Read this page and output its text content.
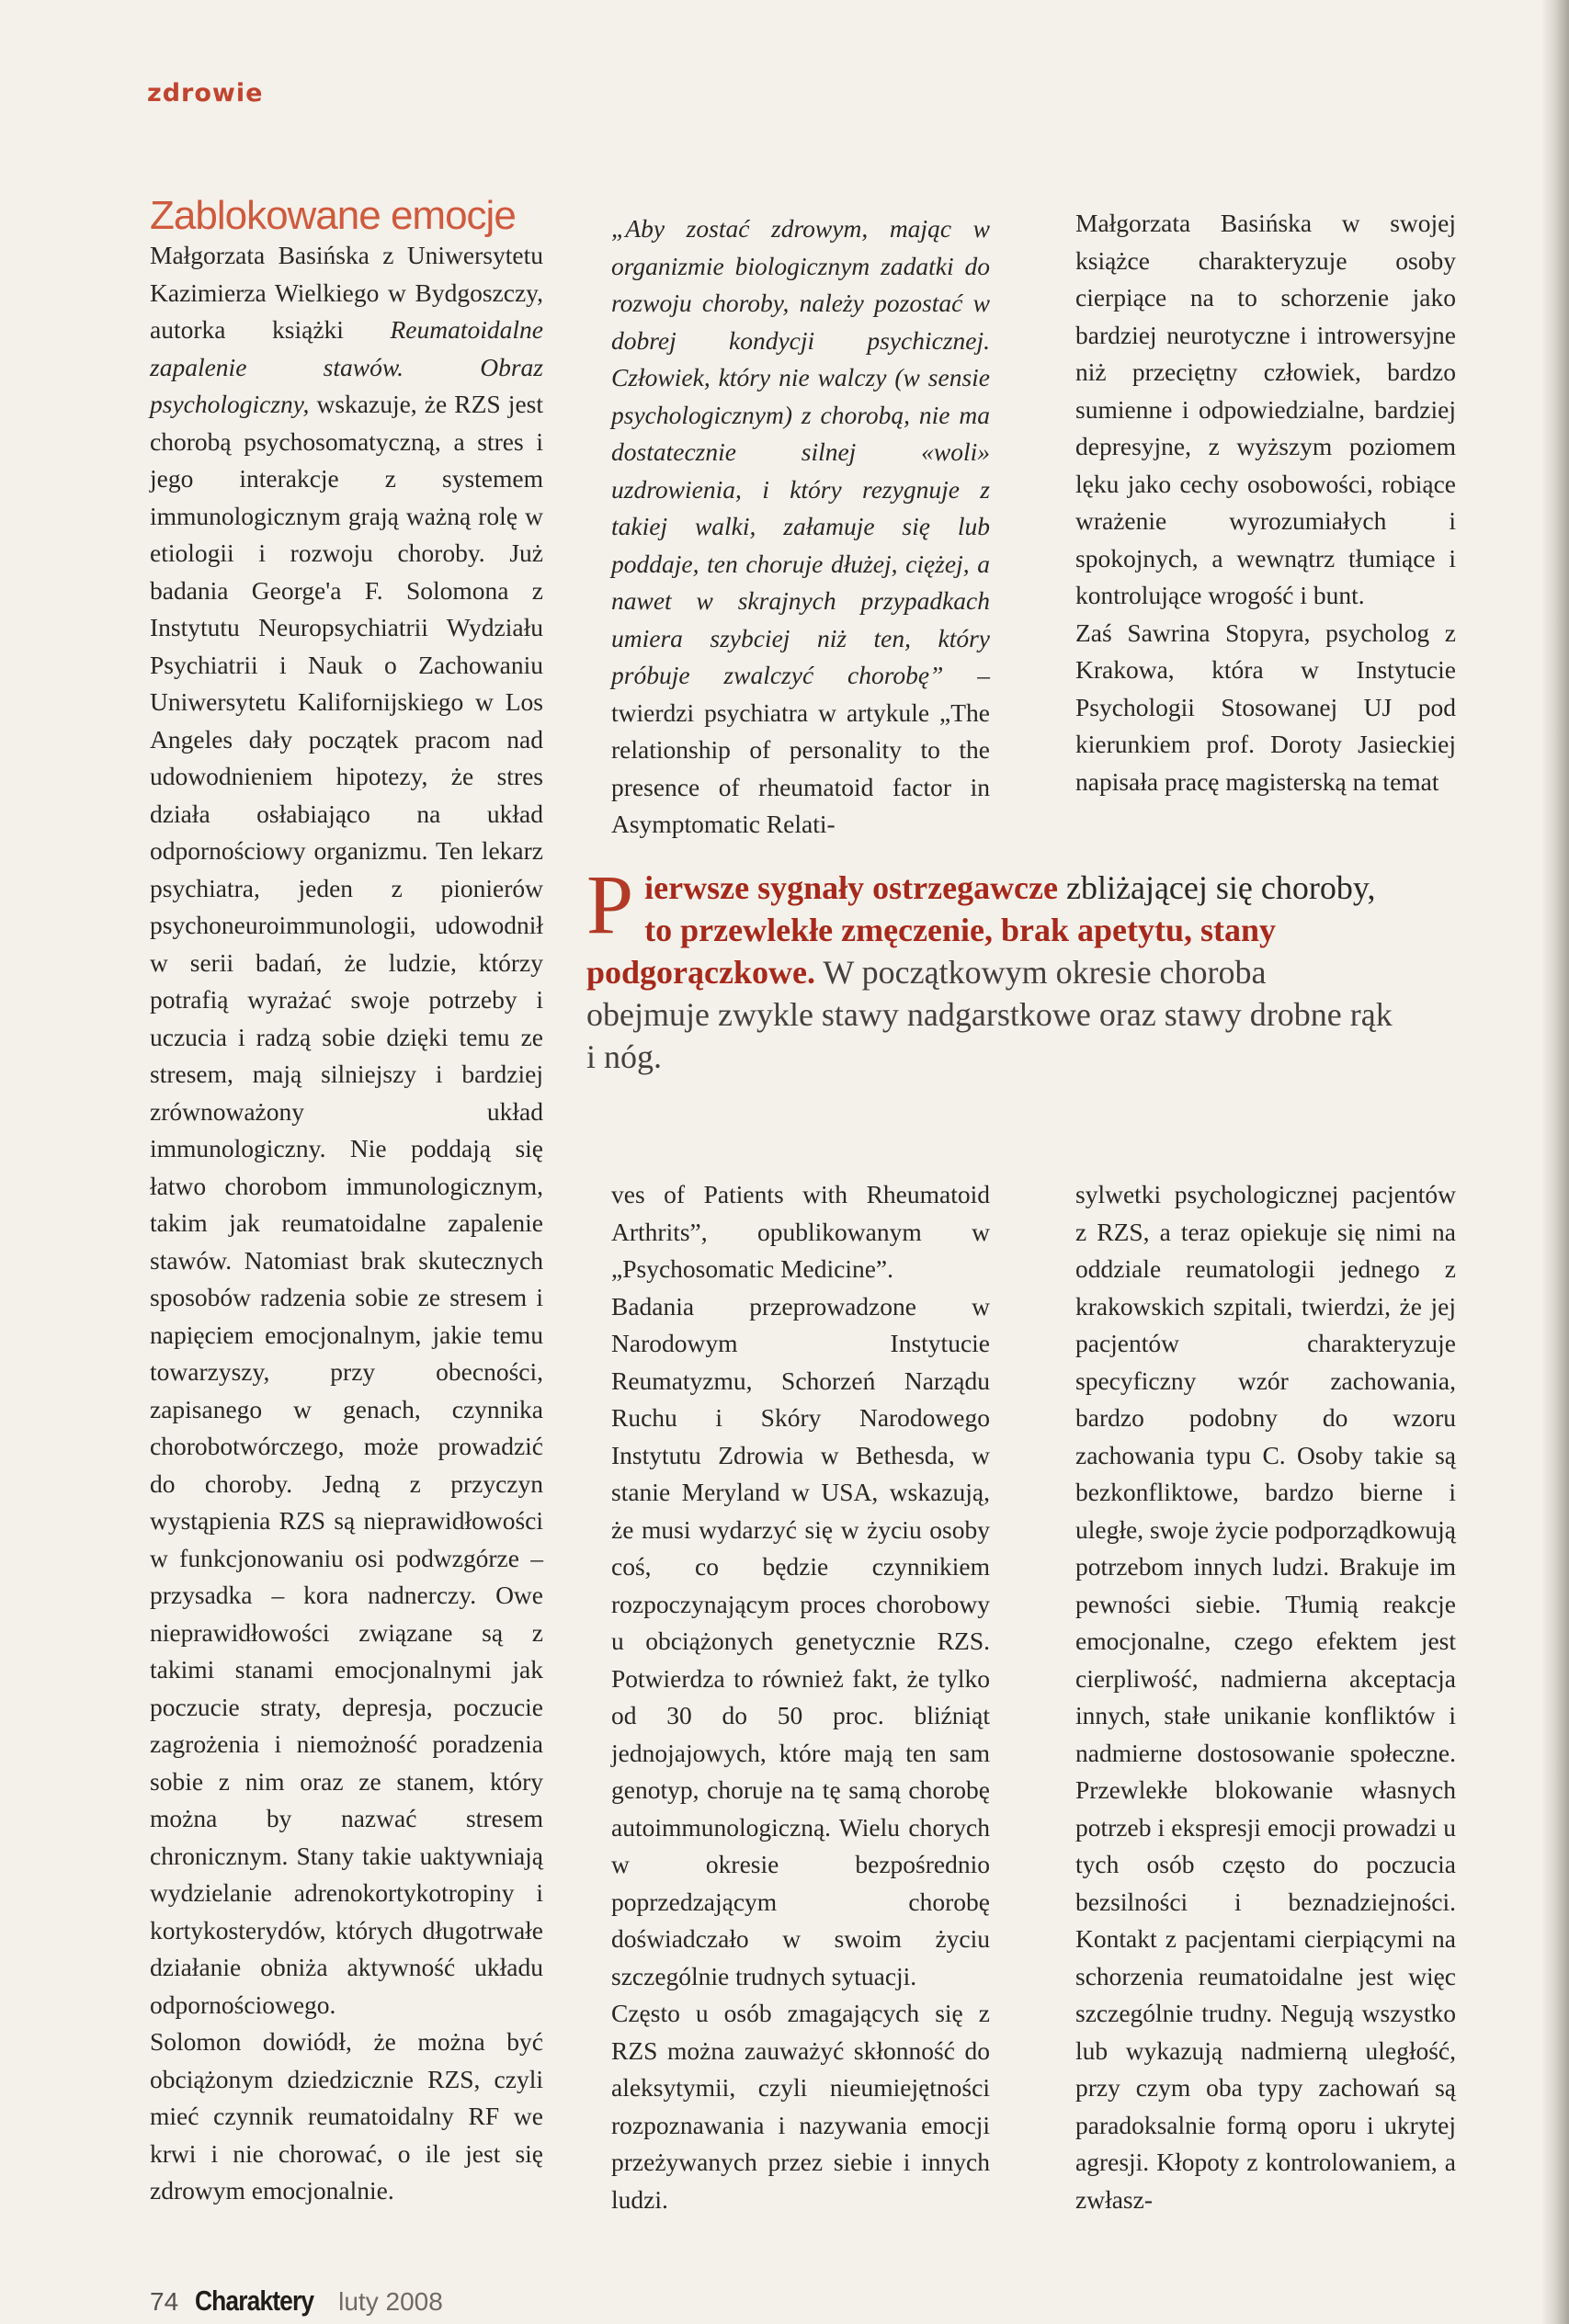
zdrowie
Zablokowane emocje

Małgorzata Basińska z Uniwersytetu Kazimierza Wielkiego w Bydgoszczy, autorka książki Reumatoidalne zapalenie stawów. Obraz psychologiczny, wskazuje, że RZS jest chorobą psychosomatyczną, a stres i jego interakcje z systemem immunologicznym grają ważną rolę w etiologii i rozwoju choroby. Już badania George'a F. Solomona z Instytutu Neuropsychiatrii Wydziału Psychiatrii i Nauk o Zachowaniu Uniwersytetu Kalifornijskiego w Los Angeles dały początek pracom nad udowodnieniem hipotezy, że stres działa osłabiająco na układ odpornościowy organizmu. Ten lekarz psychiatra, jeden z pionierów psychoneuroimmunologii, udowodnił w serii badań, że ludzie, którzy potrafią wyrażać swoje potrzeby i uczucia i radzą sobie dzięki temu ze stresem, mają silniejszy i bardziej zrównoważony układ immunologiczny. Nie poddają się łatwo chorobom immunologicznym, takim jak reumatoidalne zapalenie stawów. Natomiast brak skutecznych sposobów radzenia sobie ze stresem i napięciem emocjonalnym, jakie temu towarzyszy, przy obecności, zapisanego w genach, czynnika chorobotwórczego, może prowadzić do choroby. Jedną z przyczyn wystąpienia RZS są nieprawidłowości w funkcjonowaniu osi podwzgórze – przysadka – kora nadnerczy. Owe nieprawidłowości związane są z takimi stanami emocjonalnymi jak poczucie straty, depresja, poczucie zagrożenia i niemożność poradzenia sobie z nim oraz ze stanem, który można by nazwać stresem chronicznym. Stany takie uaktywniają wydzielanie adrenokortykotropiny i kortykosterydów, których długotrwałe działanie obniża aktywność układu odpornościowego.

Solomon dowiódł, że można być obciążonym dziedzicznie RZS, czyli mieć czynnik reumatoidalny RF we krwi i nie chorować, o ile jest się zdrowym emocjonalnie.

„Aby zostać zdrowym, mając w organizmie biologicznym zadatki do rozwoju choroby, należy pozostać w dobrej kondycji psychicznej. Człowiek, który nie walczy (w sensie psychologicznym) z chorobą, nie ma dostatecznie silnej «woli» uzdrowienia, i który rezygnuje z takiej walki, załamuje się lub poddaje, ten choruje dłużej, ciężej, a nawet w skrajnych przypadkach umiera szybciej niż ten, który próbuje zwalczyć chorobę” – twierdzi psychiatra w artykule „The relationship of personality to the presence of rheumatoid factor in Asymptomatic Relati-

Małgorzata Basińska w swojej książce charakteryzuje osoby cierpiące na to schorzenie jako bardziej neurotyczne i introwersyjne niż przeciętny człowiek, bardzo sumienne i odpowiedzialne, bardziej depresyjne, z wyższym poziomem lęku jako cechy osobowości, robiące wrażenie wyrozumiałych i spokojnych, a wewnątrz tłumiące i kontrolujące wrogość i bunt.

Zaś Sawrina Stopyra, psycholog z Krakowa, która w Instytucie Psychologii Stosowanej UJ pod kierunkiem prof. Doroty Jasieckiej napisała pracę magisterską na temat

Pierwsze sygnały ostrzegawcze zbliżającej się choroby, to przewlekłe zmęczenie, brak apetytu, stany podgorączkowe. W początkowym okresie choroba obejmuje zwykle stawy nadgarstkowe oraz stawy drobne rąk i nóg.

ves of Patients with Rheumatoid Arthrits”, opublikowanym w „Psychosomatic Medicine”.

Badania przeprowadzone w Narodowym Instytucie Reumatyzmu, Schorzeń Narządu Ruchu i Skóry Narodowego Instytutu Zdrowia w Bethesda, w stanie Meryland w USA, wskazują, że musi wydarzyć się w życiu osoby coś, co będzie czynnikiem rozpoczynającym proces chorobowy u obciążonych genetycznie RZS. Potwierdza to również fakt, że tylko od 30 do 50 proc. bliźniąt jednojajowych, które mają ten sam genotyp, choruje na tę samą chorobę autoimmunologiczną. Wielu chorych w okresie bezpośrednio poprzedzającym chorobę doświadczało w swoim życiu szczególnie trudnych sytuacji.

Często u osób zmagających się z RZS można zauważyć skłonność do aleksytymii, czyli nieumiejętności rozpoznawania i nazywania emocji przeżywanych przez siebie i innych ludzi.

sylwetki psychologicznej pacjentów z RZS, a teraz opiekuje się nimi na oddziale reumatologii jednego z krakowskich szpitali, twierdzi, że jej pacjentów charakteryzuje specyficzny wzór zachowania, bardzo podobny do wzoru zachowania typu C. Osoby takie są bezkonfliktowe, bardzo bierne i uległe, swoje życie podporządkowują potrzebom innych ludzi. Brakuje im pewności siebie. Tłumią reakcje emocjonalne, czego efektem jest cierpliwość, nadmierna akceptacja innych, stałe unikanie konfliktów i nadmierne dostosowanie społeczne. Przewlekłe blokowanie własnych potrzeb i ekspresji emocji prowadzi u tych osób często do poczucia bezsilności i beznadziejności. Kontakt z pacjentami cierpiącymi na schorzenia reumatoidalne jest więc szczególnie trudny. Negują wszystko lub wykazują nadmierną uległość, przy czym oba typy zachowań są paradoksalnie formą oporu i ukrytej agresji. Kłopoty z kontrolowaniem, a zwłasz-

74 Charaktery luty 2008
